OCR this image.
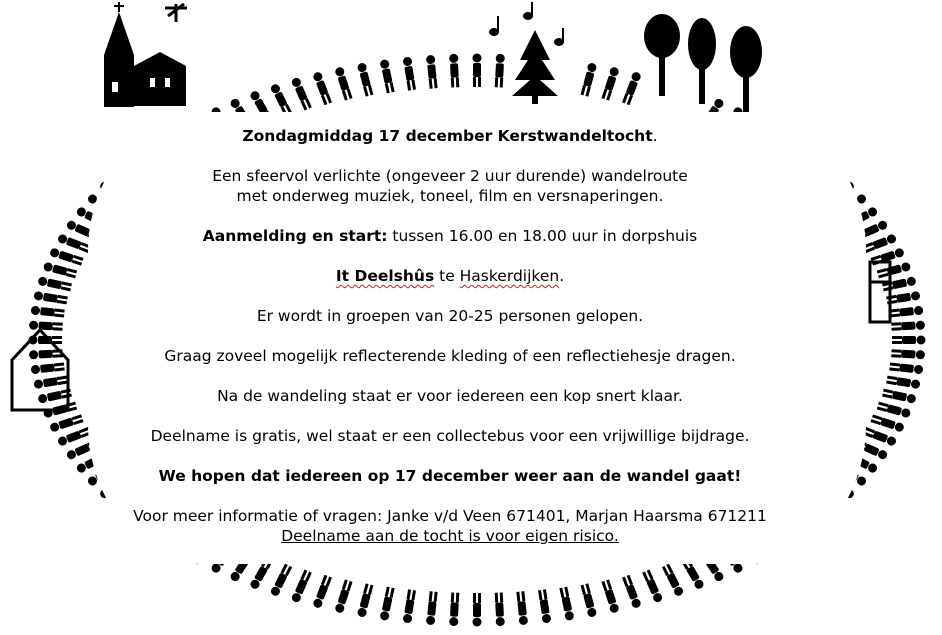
Zondagmiddag 17 december Kerstwandeltocht.

Een sfeervol verlichte (ongeveer 2 uur durende) wandelroute

met onderweg muziek, toneel, film en versnaperingen.

Aanmelding en start: tussen 16.00 en 18.00 uur in dorpshuis

It Deelshûs te Haskerdijken.

Er wordt in groepen van 20-25 personen gelopen.

Graag zoveel mogelijk reflecterende kleding of een reflectiehesje dragen.

Na de wandeling staat er voor iedereen een kop snert klaar.

Deelname is gratis, wel staat er een collectebus voor een vrijwillige bijdrage.

We hopen dat iedereen op 17 december weer aan de wandel gaat!

Voor meer informatie of vragen: Janke v/d Veen 671401, Marjan Haarsma 671211

Deelname aan de tocht is voor eigen risico.
